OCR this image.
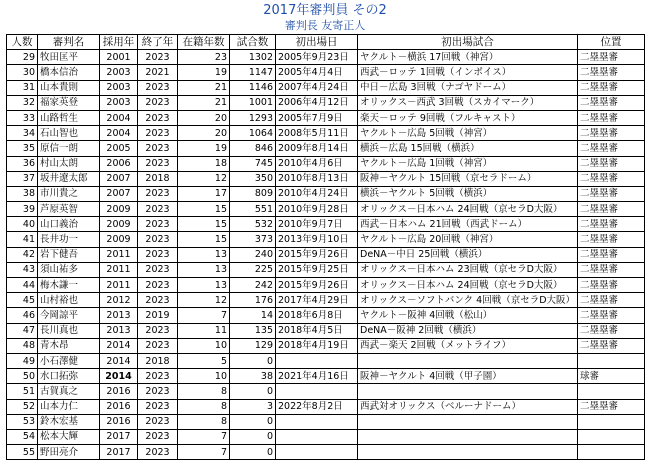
2017年審判員 その2
審判長 友寄正人
人数	審判名	採用年	終了年	在籍年数	試合数	初出場日	初出場試合	位置
29	牧田匡平	2001	2023	23	1302	2005年9月23日	ヤクルト－横浜 17回戦（神宮）	二塁塁審
30	橋本信治	2003	2021	19	1147	2005年4月4日	西武－ロッテ 1回戦（インボイス）	二塁塁審
31	山本貴則	2003	2023	21	1146	2007年4月24日	中日－広島 3回戦（ナゴヤドーム）	二塁塁審
32	福家英登	2003	2023	21	1001	2006年4月12日	オリックス－西武 3回戦（スカイマーク）	二塁塁審
33	山路哲生	2004	2023	20	1293	2005年7月9日	楽天－ロッテ 9回戦（フルキャスト）	二塁塁審
34	石山智也	2004	2023	20	1064	2008年5月11日	ヤクルト－広島 5回戦（神宮）	二塁塁審
35	原信一朗	2005	2023	19	846	2009年8月14日	横浜－広島 15回戦（横浜）	二塁塁審
36	村山太朗	2006	2023	18	745	2010年4月6日	ヤクルト－広島 1回戦（神宮）	二塁塁審
37	坂井遼太郎	2007	2018	12	350	2010年8月13日	阪神－ヤクルト 15回戦（京セラドーム）	二塁塁審
38	市川貴之	2007	2023	17	809	2010年4月24日	横浜－ヤクルト 5回戦（横浜）	二塁塁審
39	芦原英智	2009	2023	15	551	2010年9月28日	オリックス－日本ハム 24回戦（京セラD大阪）	二塁塁審
40	山口義治	2009	2023	15	532	2010年9月7日	西武－日本ハム 21回戦（西武ドーム）	二塁塁審
41	長井功一	2009	2023	15	373	2013年9月10日	ヤクルト－広島 20回戦（神宮）	二塁塁審
42	岩下健吾	2011	2023	13	240	2015年9月26日	DeNA－中日 25回戦（横浜）	二塁塁審
43	須山祐多	2011	2023	13	225	2015年9月25日	オリックス－日本ハム 23回戦（京セラD大阪）	二塁塁審
44	梅木謙一	2011	2023	13	242	2015年9月26日	オリックス－日本ハム 24回戦（京セラD大阪）	二塁塁審
45	山村裕也	2012	2023	12	176	2017年4月29日	オリックス－ソフトバンク 4回戦（京セラD大阪）	二塁塁審
46	今岡諒平	2013	2019	7	14	2018年6月8日	ヤクルト－阪神 4回戦（松山）	二塁塁審
47	長川真也	2013	2023	11	135	2018年4月5日	DeNA－阪神 2回戦（横浜）	二塁塁審
48	青木昂	2014	2023	10	129	2018年4月19日	西武－楽天 2回戦（メットライフ）	二塁塁審
49	小石澤健	2014	2018	5	0			
50	水口拓弥	2014	2023	10	38	2021年4月16日	阪神－ヤクルト 4回戦（甲子園）	球審
51	古賀真之	2016	2023	8	0			
52	山本力仁	2016	2023	8	3	2022年8月2日	西武対オリックス（ベルーナドーム）	二塁塁審
53	鈴木宏基	2016	2023	8	0			
54	松本大輝	2017	2023	7	0			
55	野田亮介	2017	2023	7	0			
